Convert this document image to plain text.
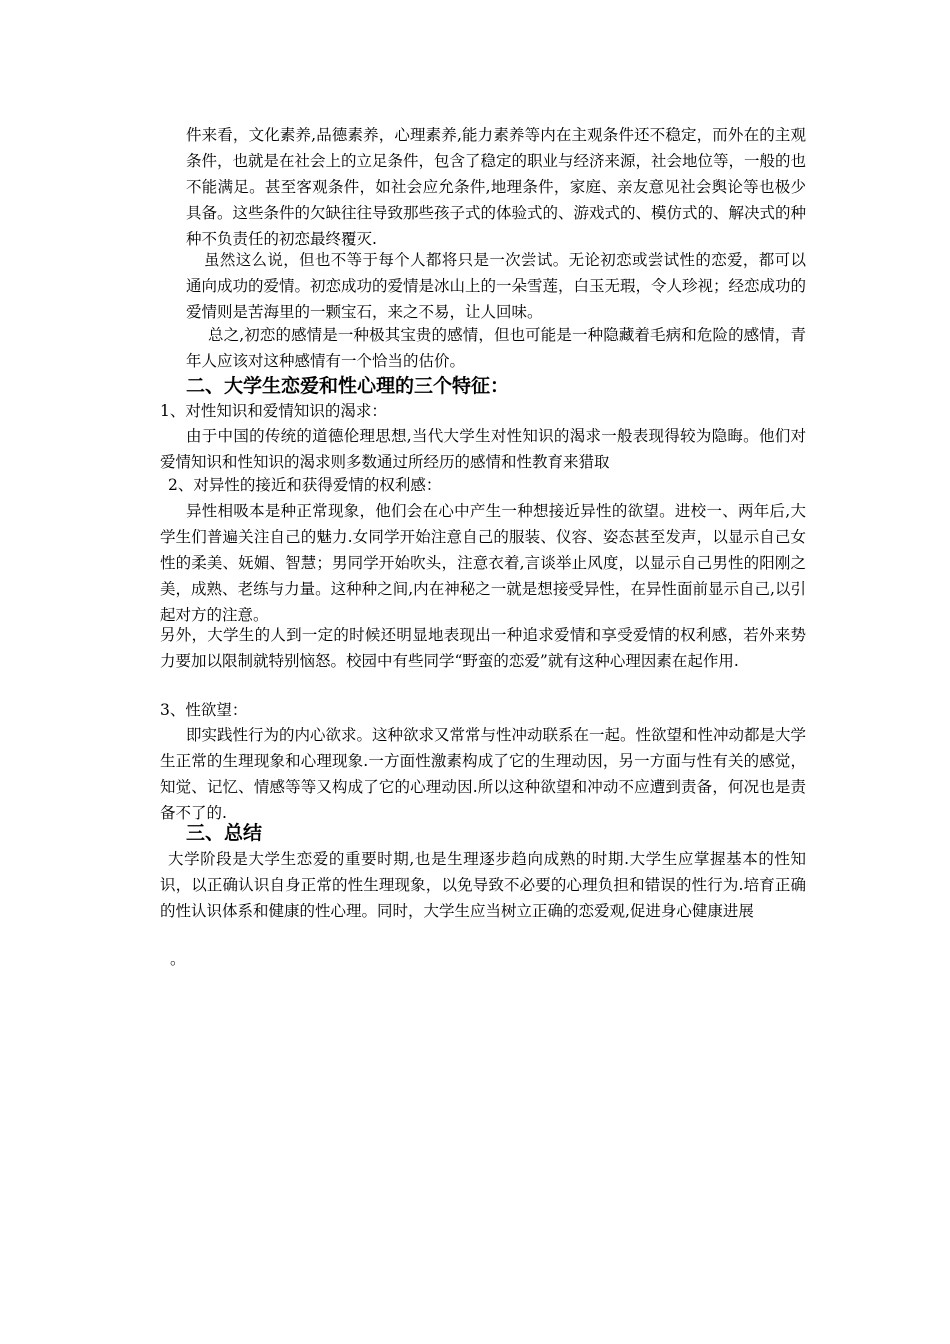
件来看，文化素养,品德素养，心理素养,能力素养等内在主观条件还不稳定，而外在的主观条件，也就是在社会上的立足条件，包含了稳定的职业与经济来源，社会地位等，一般的也不能满足。甚至客观条件，如社会应允条件,地理条件，家庭、亲友意见社会舆论等也极少具备。这些条件的欠缺往往导致那些孩子式的体验式的、游戏式的、模仿式的、解决式的种种不负责任的初恋最终覆灭.

虽然这么说，但也不等于每个人都将只是一次尝试。无论初恋或尝试性的恋爱，都可以通向成功的爱情。初恋成功的爱情是冰山上的一朵雪莲，白玉无瑕，令人珍视；经恋成功的爱情则是苦海里的一颗宝石，来之不易，让人回味。

总之,初恋的感情是一种极其宝贵的感情，但也可能是一种隐藏着毛病和危险的感情，青年人应该对这种感情有一个恰当的估价。

二、大学生恋爱和性心理的三个特征：

1、对性知识和爱情知识的渴求：

由于中国的传统的道德伦理思想,当代大学生对性知识的渴求一般表现得较为隐晦。他们对爱情知识和性知识的渴求则多数通过所经历的感情和性教育来猎取

2、对异性的接近和获得爱情的权利感：

异性相吸本是种正常现象，他们会在心中产生一种想接近异性的欲望。进校一、两年后,大学生们普遍关注自己的魅力.女同学开始注意自己的服装、仪容、姿态甚至发声，以显示自己女性的柔美、妩媚、智慧；男同学开始吹头，注意衣着,言谈举止风度，以显示自己男性的阳刚之美，成熟、老练与力量。这种种之间,内在神秘之一就是想接受异性，在异性面前显示自己,以引起对方的注意。

另外，大学生的人到一定的时候还明显地表现出一种追求爱情和享受爱情的权利感，若外来势力要加以限制就特别恼怒。校园中有些同学“野蛮的恋爱”就有这种心理因素在起作用.

3、性欲望：

即实践性行为的内心欲求。这种欲求又常常与性冲动联系在一起。性欲望和性冲动都是大学生正常的生理现象和心理现象.一方面性激素构成了它的生理动因，另一方面与性有关的感觉，知觉、记忆、情感等等又构成了它的心理动因.所以这种欲望和冲动不应遭到责备，何况也是责备不了的.

三、总结

大学阶段是大学生恋爱的重要时期,也是生理逐步趋向成熟的时期.大学生应掌握基本的性知识，以正确认识自身正常的性生理现象，以免导致不必要的心理负担和错误的性行为.培育正确的性认识体系和健康的性心理。同时，大学生应当树立正确的恋爱观,促进身心健康进展

。
